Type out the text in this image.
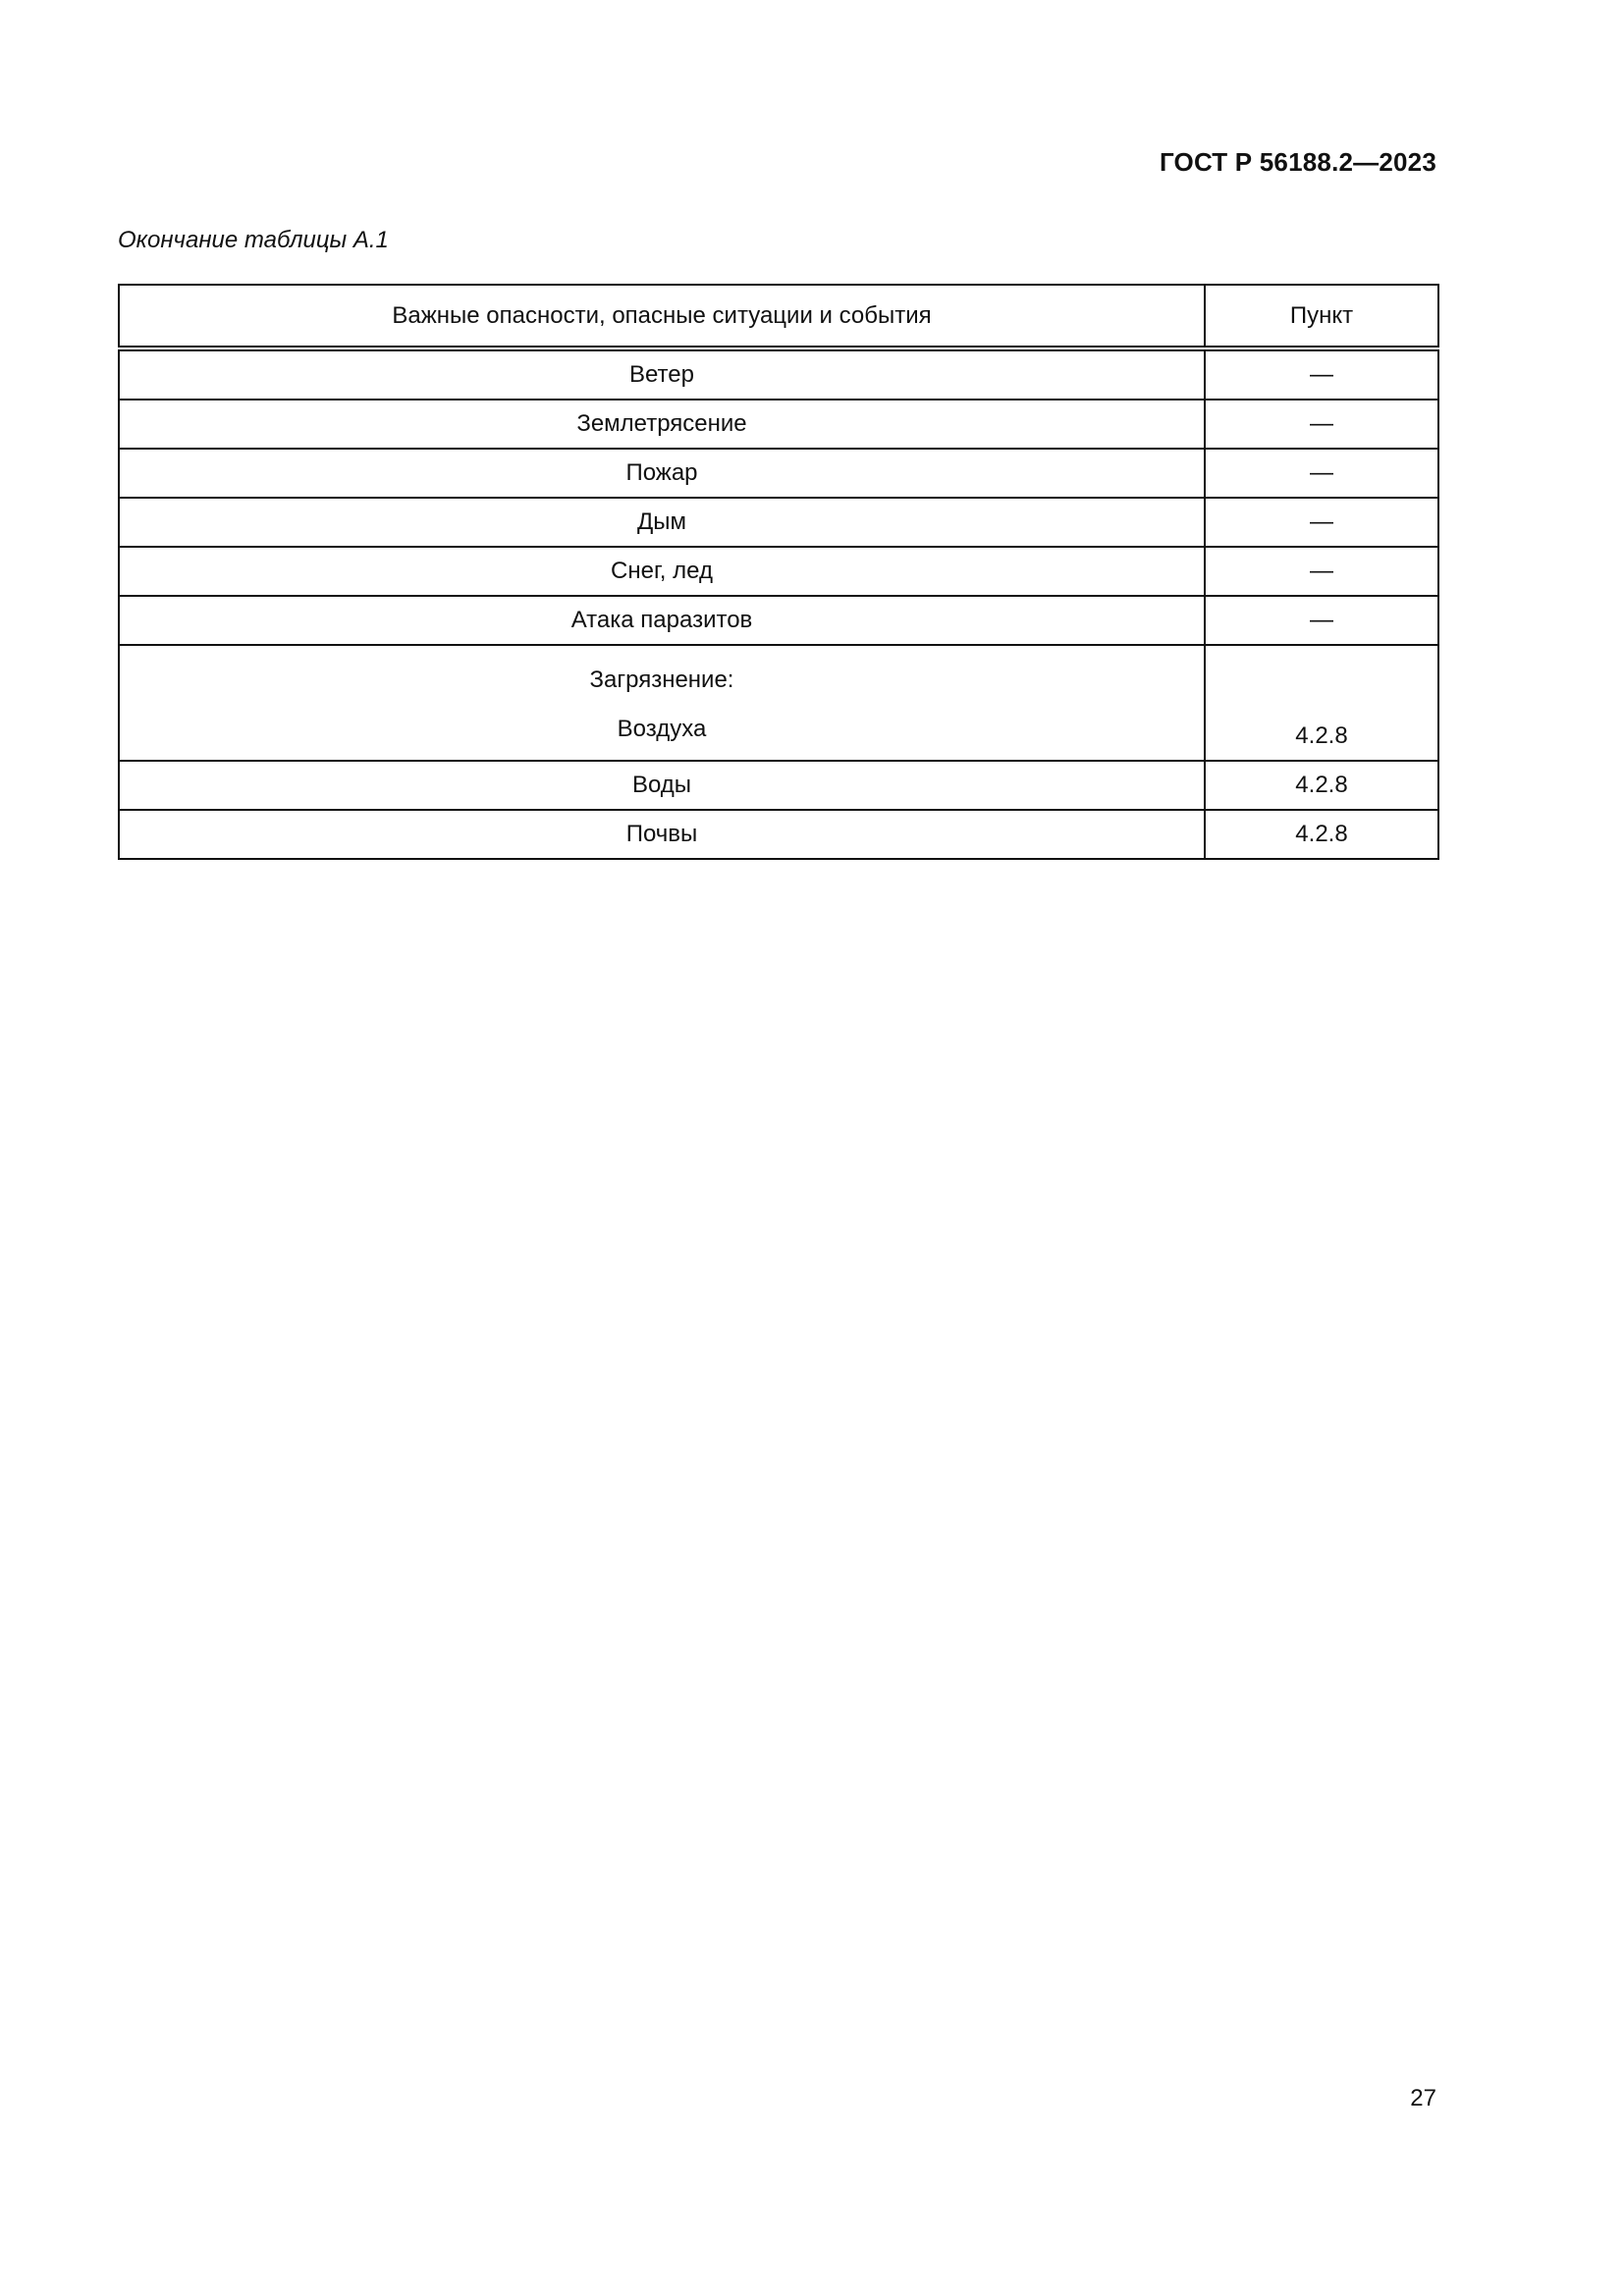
ГОСТ Р 56188.2—2023
Окончание таблицы А.1
Важные опасности, опасные ситуации и события	Пункт
Ветер	—
Землетрясение	—
Пожар	—
Дым	—
Снег, лед	—
Атака паразитов	—

Загрязнение:
Воздуха	4.2.8
Воды	4.2.8
Почвы	4.2.8
27
